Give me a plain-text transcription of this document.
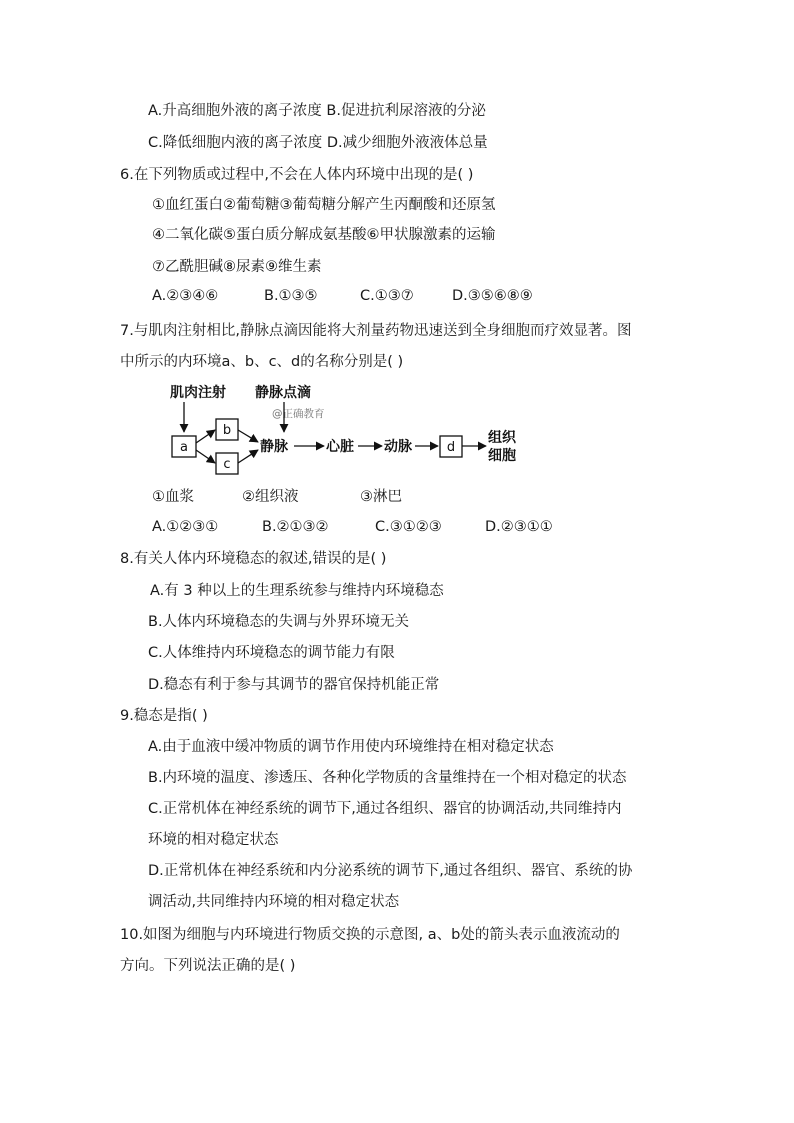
A.升高细胞外液的离子浓度 B.促进抗利尿溶液的分泌
C.降低细胞内液的离子浓度 D.减少细胞外液液体总量
6.在下列物质或过程中,不会在人体内环境中出现的是( )
①血红蛋白②葡萄糖③葡萄糖分解产生丙酮酸和还原氢
④二氧化碳⑤蛋白质分解成氨基酸⑥甲状腺激素的运输
⑦乙酰胆碱⑧尿素⑨维生素
A.②③④⑥	B.①③⑤	C.①③⑦	D.③⑤⑥⑧⑨
7.与肌肉注射相比,静脉点滴因能将大剂量药物迅速送到全身细胞而疗效显著。图
中所示的内环境a、b、c、d的名称分别是( )
肌肉注射 静脉点滴
@正确教育
a
b
c
静脉	心脏 动脉	d
组织
细胞
①血浆	②组织液	③淋巴
A.①②③①	B.②①③②	C.③①②③	D.②③①①
8.有关人体内环境稳态的叙述,错误的是( )
A.有 3 种以上的生理系统参与维持内环境稳态
B.人体内环境稳态的失调与外界环境无关
C.人体维持内环境稳态的调节能力有限
D.稳态有利于参与其调节的器官保持机能正常
9.稳态是指( )
A.由于血液中缓冲物质的调节作用使内环境维持在相对稳定状态
B.内环境的温度、渗透压、各种化学物质的含量维持在一个相对稳定的状态
C.正常机体在神经系统的调节下,通过各组织、器官的协调活动,共同维持内
环境的相对稳定状态
D.正常机体在神经系统和内分泌系统的调节下,通过各组织、器官、系统的协
调活动,共同维持内环境的相对稳定状态
10.如图为细胞与内环境进行物质交换的示意图, a、b处的箭头表示血液流动的
方向。下列说法正确的是( )
